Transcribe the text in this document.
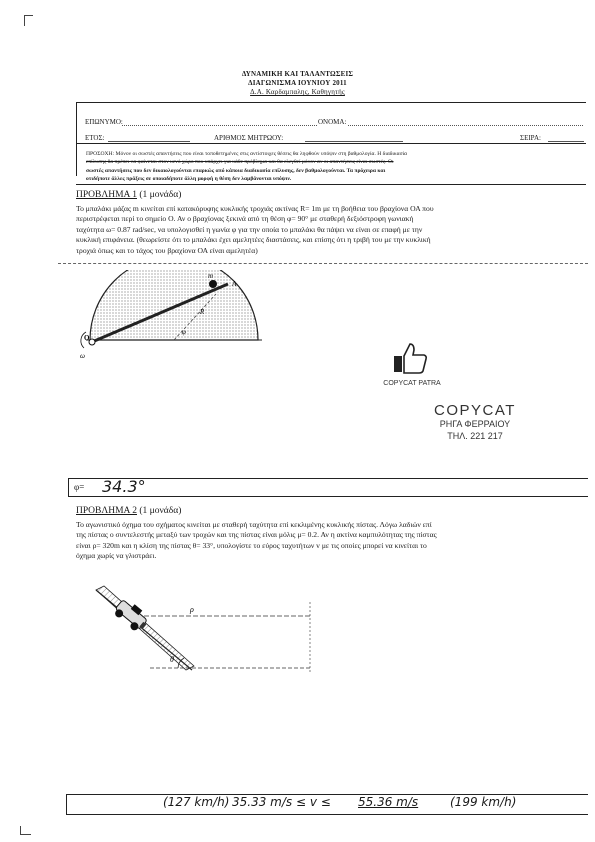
ΔΥΝΑΜΙΚΗ ΚΑΙ ΤΑΛΑΝΤΩΣΕΙΣ
ΔΙΑΓΩΝΙΣΜΑ ΙΟΥΝΙΟΥ 2011
Δ.Α. Καρδαμπαλης, Καθηγητής
ΕΠΩΝΥΜΟ:	ΟΝΟΜΑ:
ΕΤΟΣ:	ΑΡΙΘΜΟΣ ΜΗΤΡΩΟΥ:	ΣΕΙΡΑ:
ΠΡΟΣΟΧΗ: Μόνον οι σωστές απαντήσεις που είναι τοποθετημένες στις αντίστοιχες θέσεις θα ληφθούν υπόψιν στη βαθμολογία. Η διαδικασία
επίλυσης θα πρέπει να φαίνεται σ͏τον κενό χώρο που υπάρχει για κάθε πρόβλημα και θα ελεγθεί μόνον αν οι απαντήσεις είναι σωστές. Οι
σωστές απαντήσεις που δεν δικαιολογούνται επαρκώς από κάποια διαδικασία επίλυσης, δεν βαθμολογούνται. Τα πρόχειρα και
οτιδήποτε άλλες πράξεις σε οποιαδήποτε άλλη μορφή η θέση δεν λαμβάνονται υπόψιν.
ΠΡΟΒΛΗΜΑ 1 (1 μονάδα)
Το μπαλάκι μάζας m κινείται επί κατακόρυφης κυκλικής τροχιάς ακτίνας R= 1m με τη βοήθεια του βραχίονα ΟΑ που
περιστρέφεται περί το σημείο Ο. Αν ο βραχίονας ξεκινά από τη θέση φ= 90° με σταθερή δεξιόστροφη γωνιακή
ταχύτητα ω= 0.87 rad/sec, να υπολογισθεί η γωνία φ για την οποία το μπαλάκι θα πάψει να είναι σε επαφή με την
κυκλική επιφάνεια. (θεωρείστε ότι το μπαλάκι έχει αμελητέες διαστάσεις, και επίσης ότι η τριβή του με την κυκλική
τροχιά όπως και το τάχος του βραχίονα ΟΑ είναι αμελητέα)
m
A
R
O
ω
φ
COPYCAT PATRA
COPYCAT
ΡΗΓΑ ΦΕΡΡΑΙΟΥ
ΤΗΛ. 221 217
φ= 34.3°
ΠΡΟΒΛΗΜΑ 2 (1 μονάδα)
Το αγωνιστικό όχημα του σχήματος κινείται με σταθερή ταχύτητα επί κεκλιμένης κυκλικής πίστας. Λόγω λαδιών επί
της πίστας ο συντελεστής μεταξύ των τροχών και της πίστας είναι μόλις μ= 0.2. Αν η ακτίνα καμπυλότητας της πίστας
είναι ρ= 320m και η κλίση της πίστας θ= 33°, υπολογίστε το εύρος ταχυτήτων v με τις οποίες μπορεί να κινείται το
όχημα χωρίς να γλιστράει.
ρ
θ
(127 km/h) 35.33 m/s ≤ v ≤ 55.36 m/s	(199 km/h)
